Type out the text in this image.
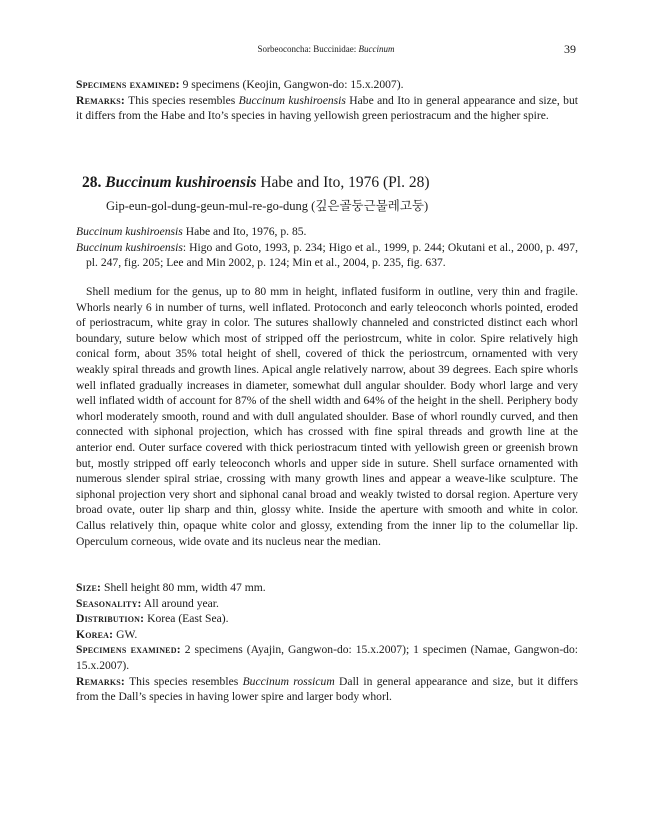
Sorbeoconcha: Buccinidae: Buccinum	39

Specimens examined: 9 specimens (Keojin, Gangwon-do: 15.x.2007).

Remarks: This species resembles Buccinum kushiroensis Habe and Ito in general appearance and size, but it differs from the Habe and Ito’s species in having yellowish green periostracum and the higher spire.

28. Buccinum kushiroensis Habe and Ito, 1976 (Pl. 28)
Gip-eun-gol-dung-geun-mul-re-go-dung (깊은골둥근물레고둥)

Buccinum kushiroensis Habe and Ito, 1976, p. 85.

Buccinum kushiroensis: Higo and Goto, 1993, p. 234; Higo et al., 1999, p. 244; Okutani et al., 2000, p. 497, pl. 247, fig. 205; Lee and Min 2002, p. 124; Min et al., 2004, p. 235, fig. 637.

Shell medium for the genus, up to 80 mm in height, inflated fusiform in outline, very thin and fragile. Whorls nearly 6 in number of turns, well inflated. Protoconch and early teleoconch whorls pointed, eroded of periostracum, white gray in color. The sutures shallowly channeled and constricted distinct each whorl boundary, suture below which most of stripped off the periostrcum, white in color. Spire relatively high conical form, about 35% total height of shell, covered of thick the periostrcum, ornamented with very weakly spiral threads and growth lines. Apical angle relatively narrow, about 39 degrees. Each spire whorls well inflated gradually increases in diameter, somewhat dull angular shoulder. Body whorl large and very well inflated width of account for 87% of the shell width and 64% of the height in the shell. Periphery body whorl moderately smooth, round and with dull angulated shoulder. Base of whorl roundly curved, and then connected with siphonal projection, which has crossed with fine spiral threads and growth line at the anterior end. Outer surface covered with thick periostracum tinted with yellowish green or greenish brown but, mostly stripped off early teleoconch whorls and upper side in suture. Shell surface ornamented with numerous slender spiral striae, crossing with many growth lines and appear a weave-like sculpture. The siphonal projection very short and siphonal canal broad and weakly twisted to dorsal region. Aperture very broad ovate, outer lip sharp and thin, glossy white. Inside the aperture with smooth and white in color. Callus relatively thin, opaque white color and glossy, extending from the inner lip to the columellar lip. Operculum corneous, wide ovate and its nucleus near the median.

Size: Shell height 80 mm, width 47 mm.

Seasonality: All around year.

Distribution: Korea (East Sea).

Korea: GW.

Specimens examined: 2 specimens (Ayajin, Gangwon-do: 15.x.2007); 1 specimen (Namae, Gangwon-do: 15.x.2007).

Remarks: This species resembles Buccinum rossicum Dall in general appearance and size, but it differs from the Dall’s species in having lower spire and larger body whorl.
